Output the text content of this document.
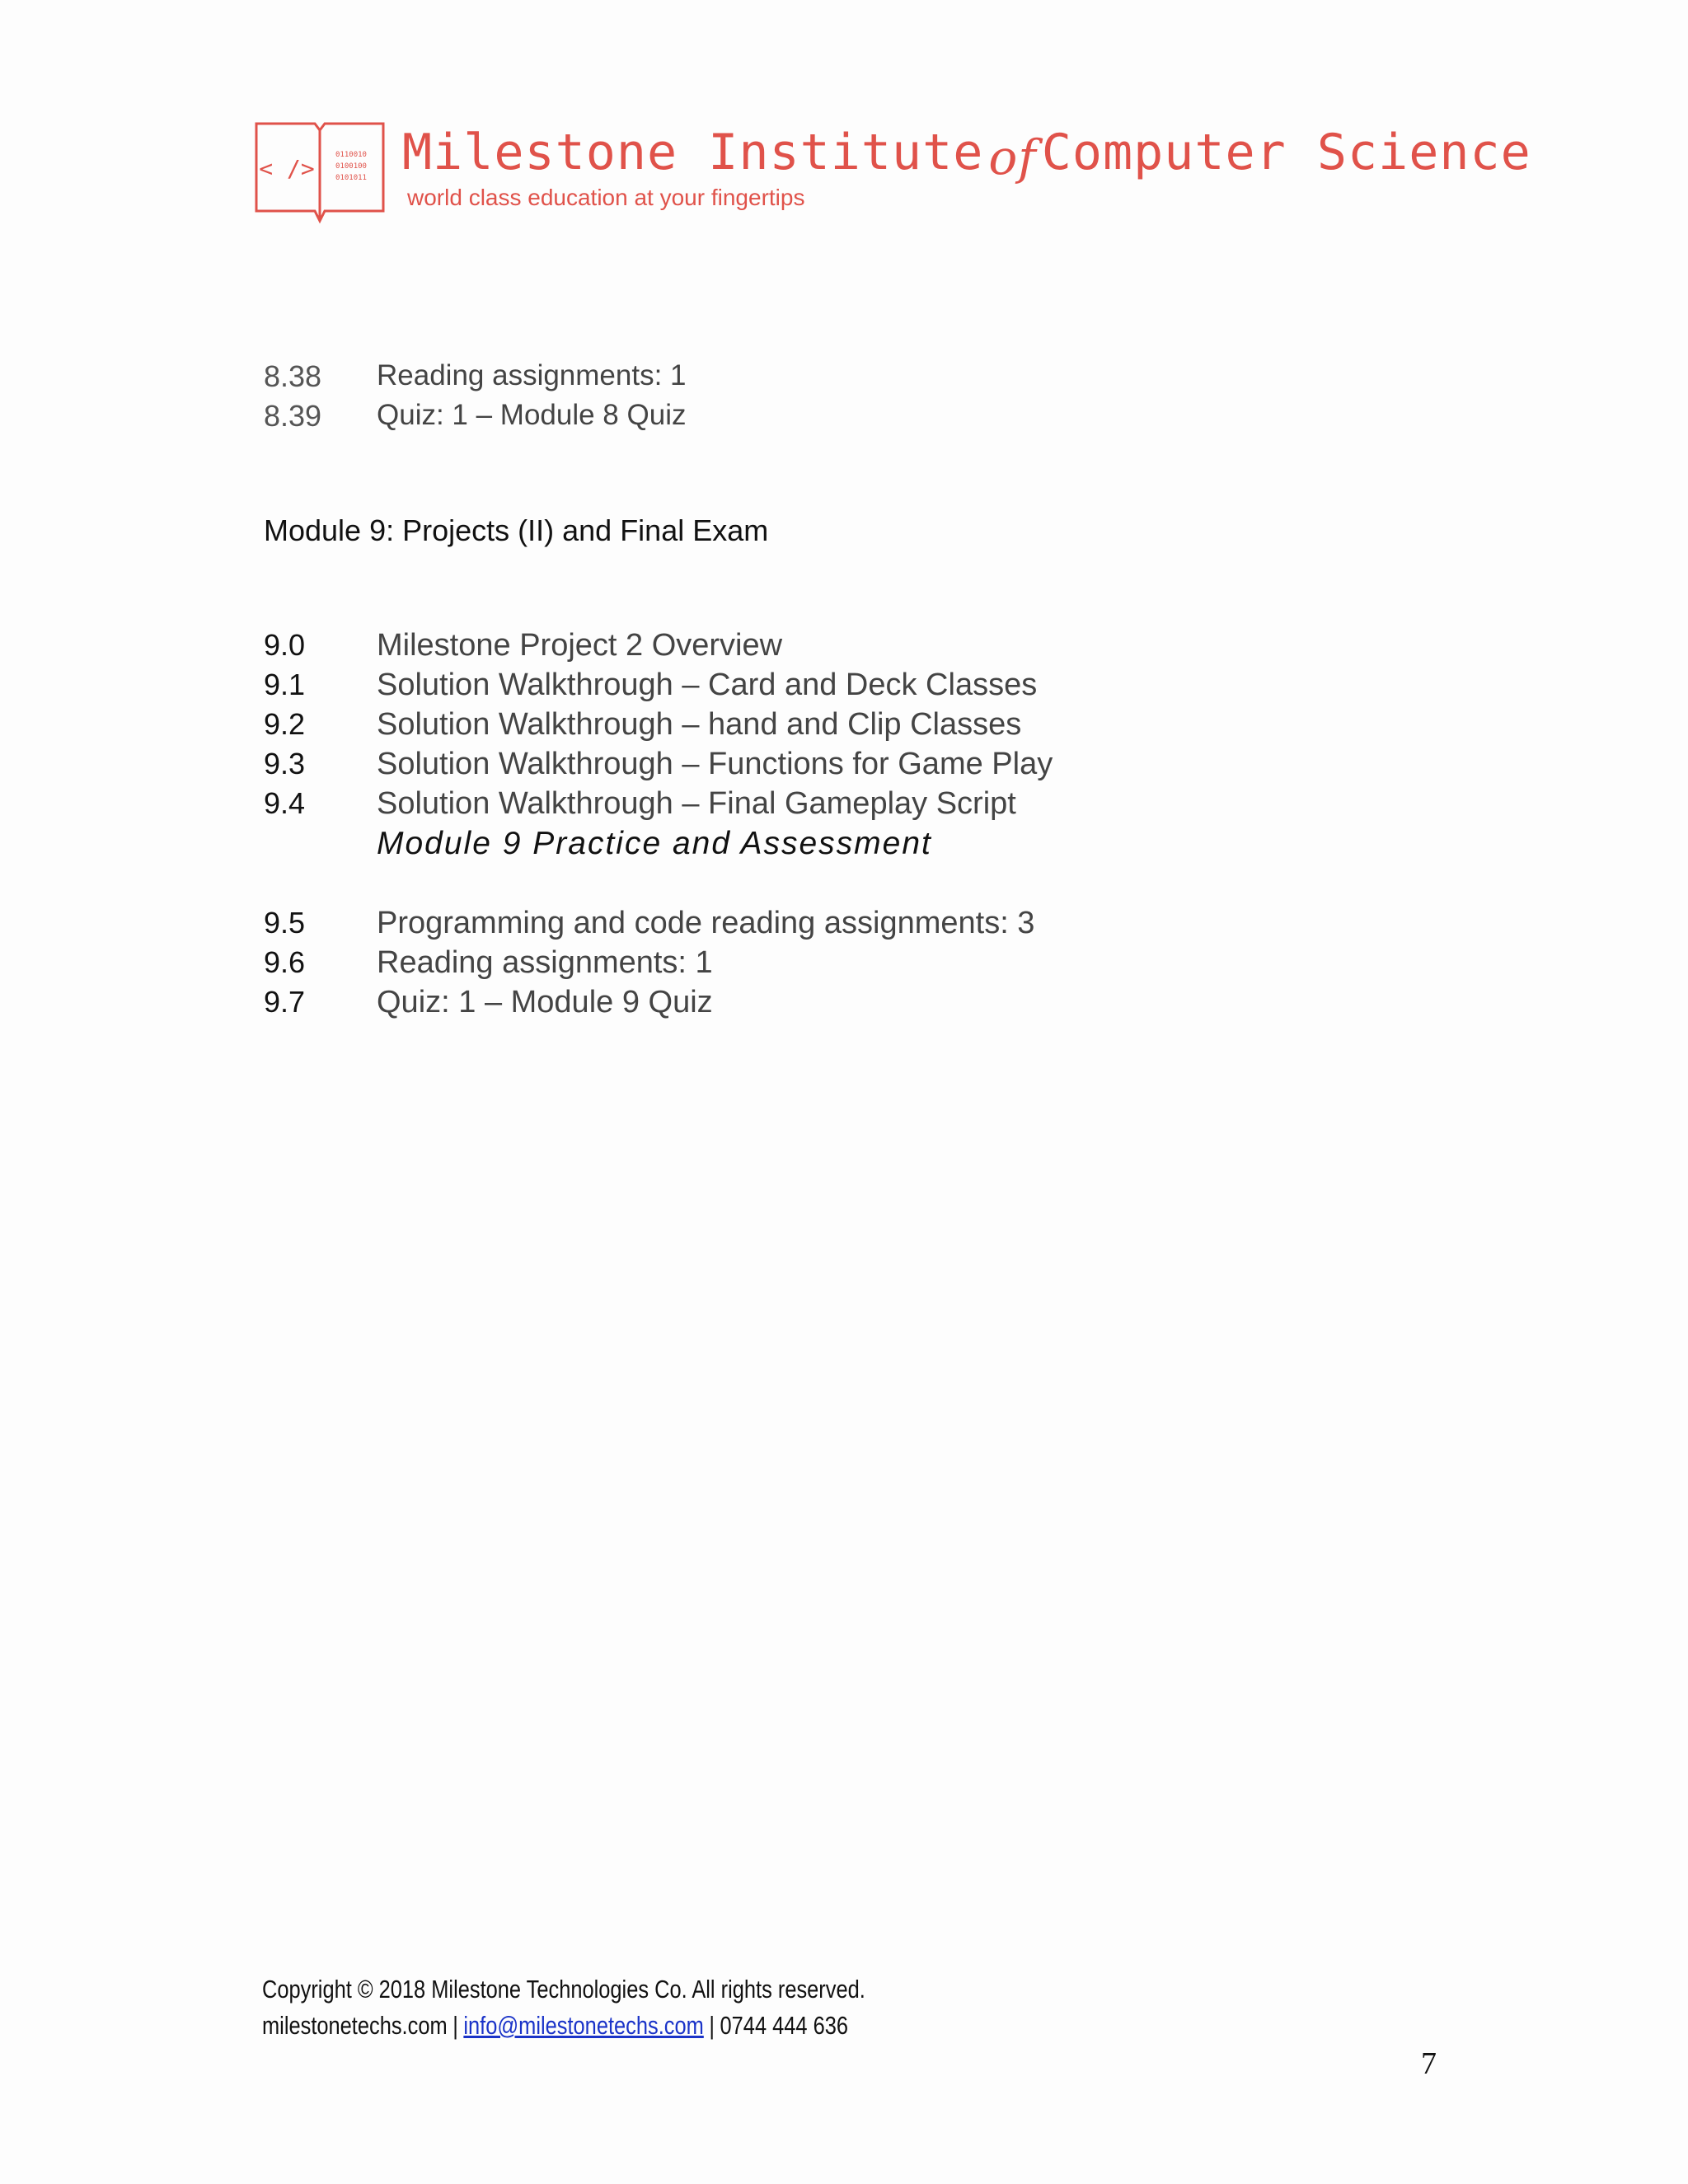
< />	0110010
0100100
0101011 Milestone Institute of Computer Science
world class education at your fingertips
8.38 Reading assignments: 1
8.39 Quiz: 1 – Module 8 Quiz
Module 9: Projects (II) and Final Exam
9.0 Milestone Project 2 Overview
9.1 Solution Walkthrough – Card and Deck Classes
9.2 Solution Walkthrough – hand and Clip Classes
9.3 Solution Walkthrough – Functions for Game Play
9.4 Solution Walkthrough – Final Gameplay Script
Module 9 Practice and Assessment
9.5 Programming and code reading assignments: 3
9.6 Reading assignments: 1
9.7 Quiz: 1 – Module 9 Quiz
Copyright © 2018 Milestone Technologies Co. All rights reserved.
milestonetechs.com | info@milestonetechs.com | 0744 444 636
7
